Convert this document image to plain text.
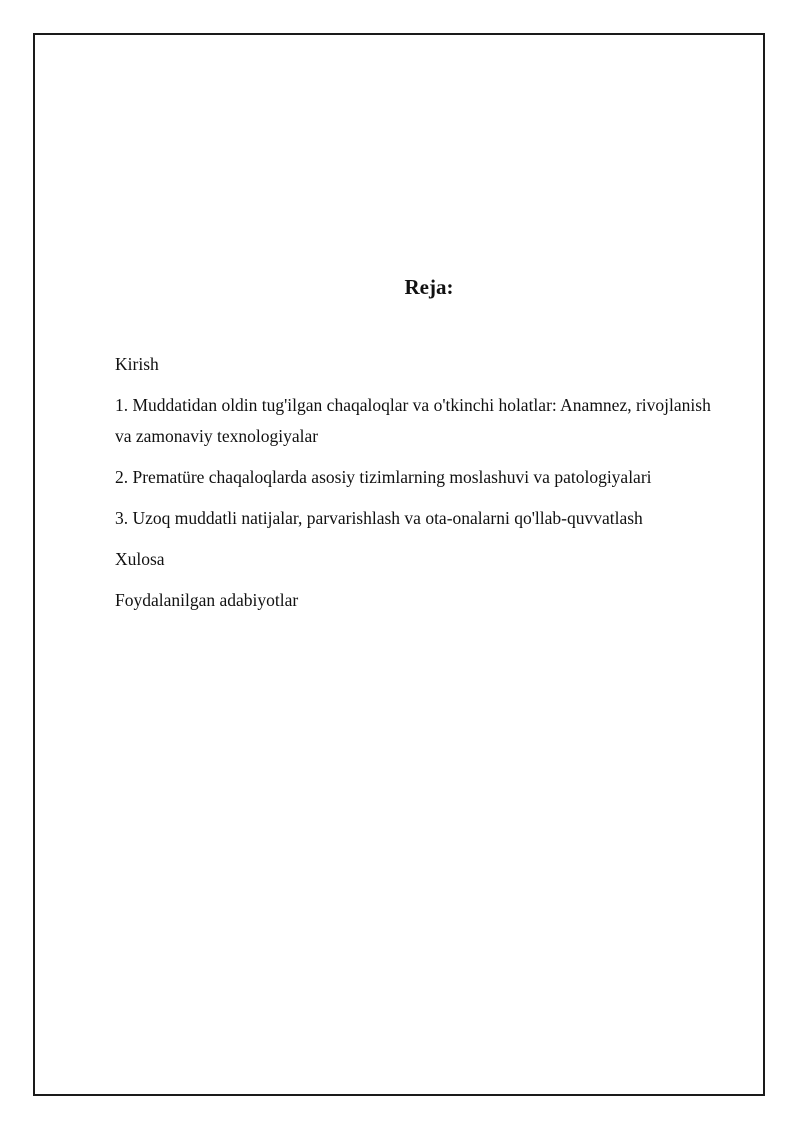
Reja:

Kirish

1. Muddatidan oldin tug'ilgan chaqaloqlar va o'tkinchi holatlar: Anamnez, rivojlanish va zamonaviy texnologiyalar

2. Prematüre chaqaloqlarda asosiy tizimlarning moslashuvi va patologiyalari

3. Uzoq muddatli natijalar, parvarishlash va ota-onalarni qo'llab-quvvatlash

Xulosa

Foydalanilgan adabiyotlar
